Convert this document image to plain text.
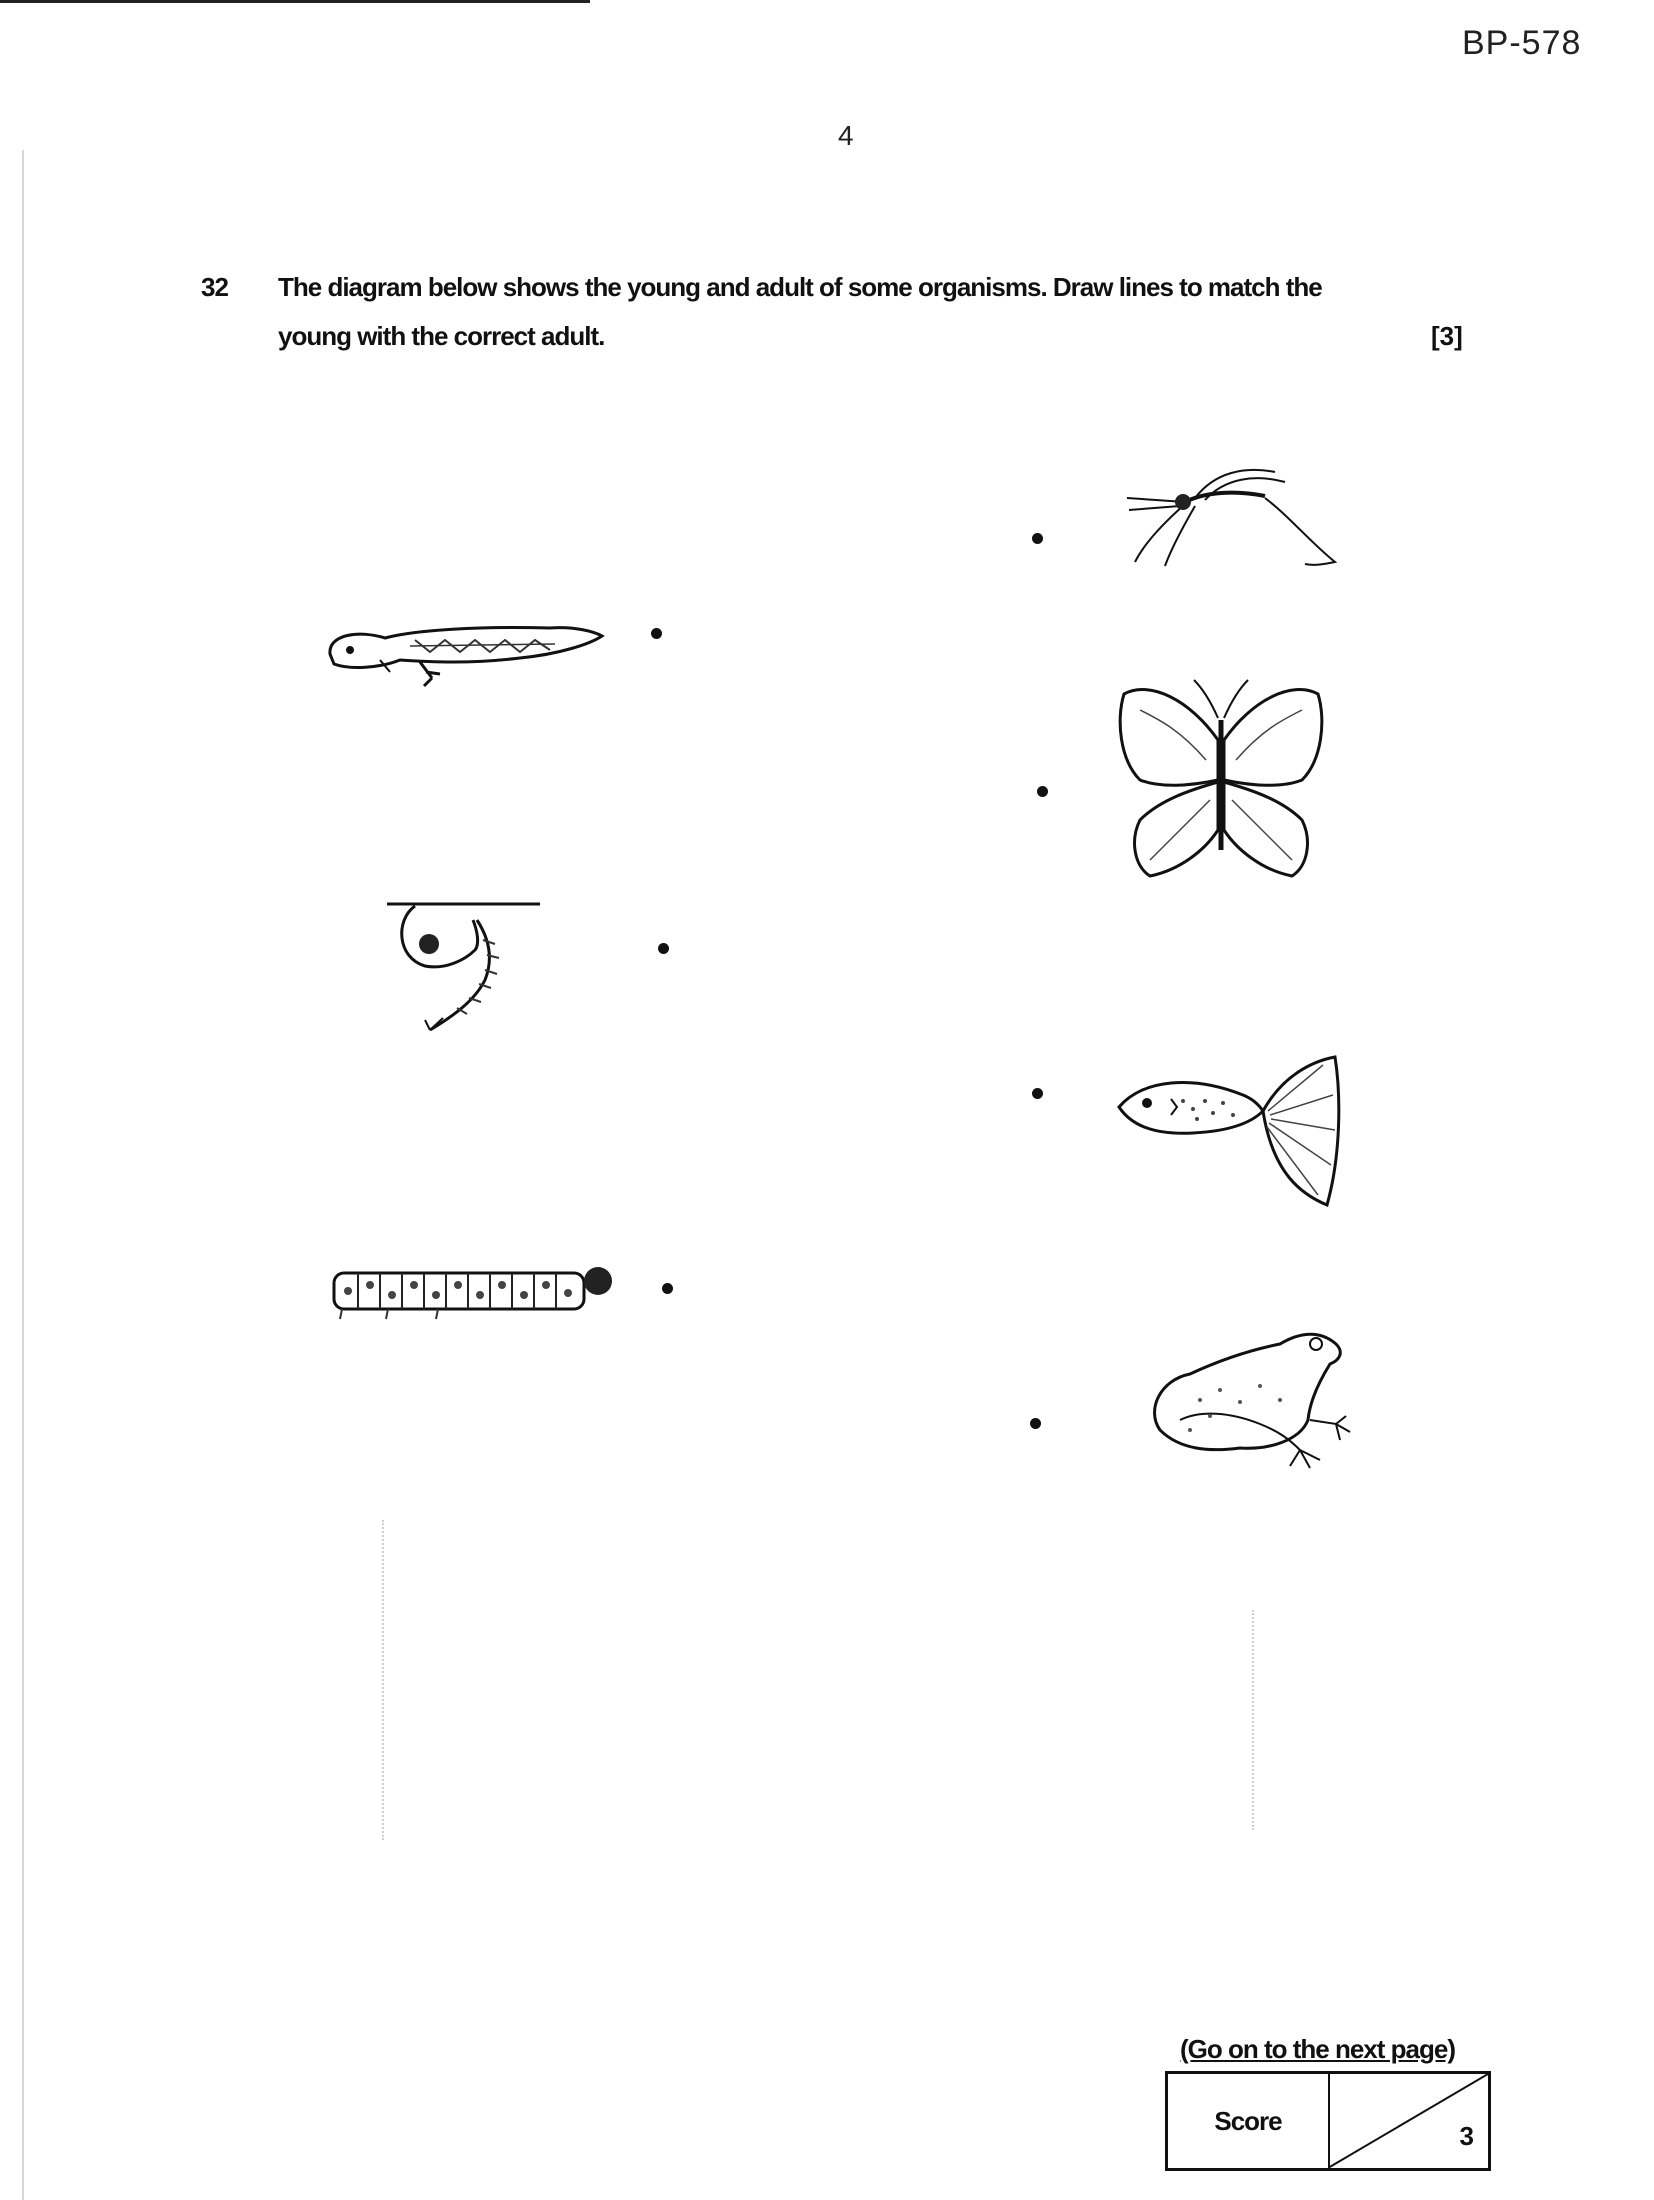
BP-578
4
32 The diagram below shows the young and adult of some organisms. Draw lines to match the
young with the correct adult.	[3]
(Go on to the next page)
Score
3
